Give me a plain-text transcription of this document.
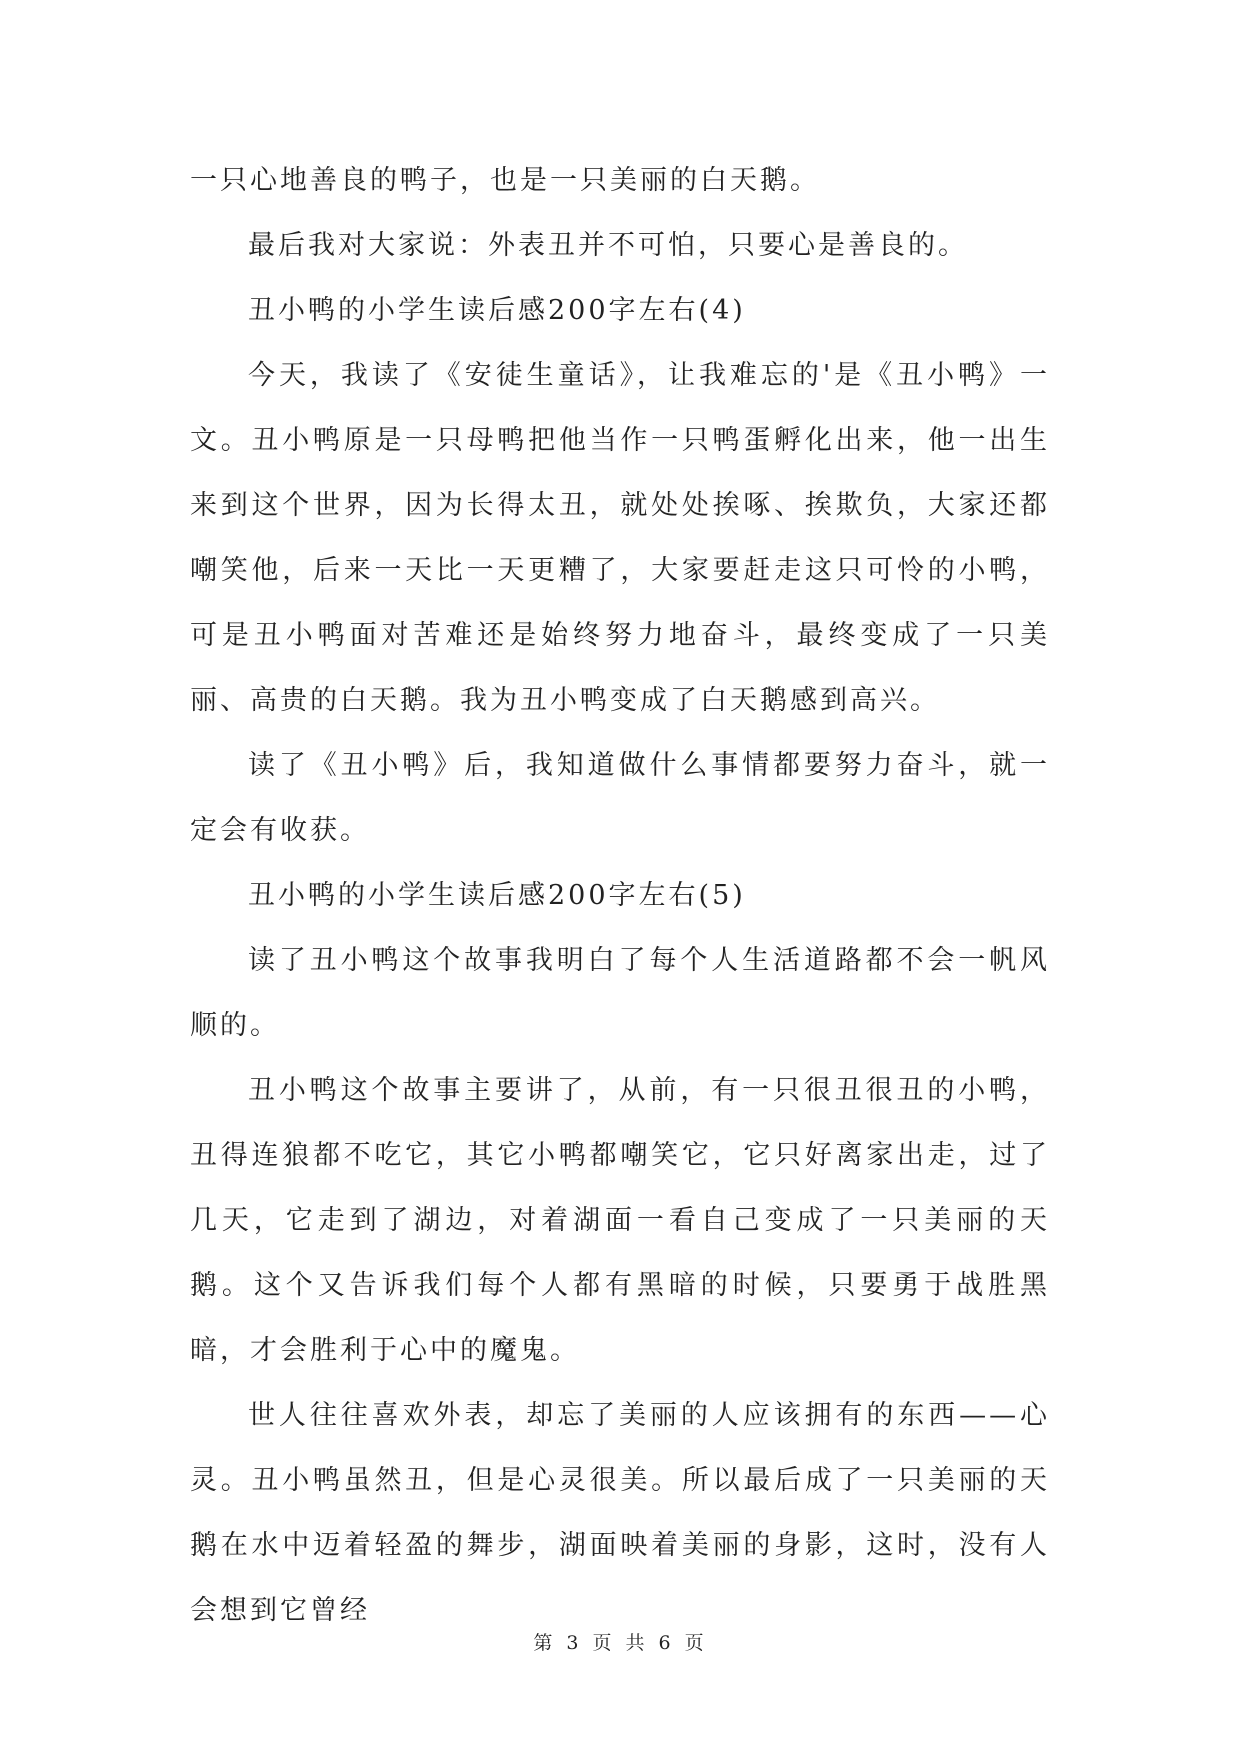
一只心地善良的鸭子，也是一只美丽的白天鹅。

最后我对大家说：外表丑并不可怕，只要心是善良的。

丑小鸭的小学生读后感200字左右(4)

今天，我读了《安徒生童话》，让我难忘的'是《丑小鸭》一文。丑小鸭原是一只母鸭把他当作一只鸭蛋孵化出来，他一出生来到这个世界，因为长得太丑，就处处挨啄、挨欺负，大家还都嘲笑他，后来一天比一天更糟了，大家要赶走这只可怜的小鸭，可是丑小鸭面对苦难还是始终努力地奋斗，最终变成了一只美丽、高贵的白天鹅。我为丑小鸭变成了白天鹅感到高兴。

读了《丑小鸭》后，我知道做什么事情都要努力奋斗，就一定会有收获。

丑小鸭的小学生读后感200字左右(5)

读了丑小鸭这个故事我明白了每个人生活道路都不会一帆风顺的。

丑小鸭这个故事主要讲了，从前，有一只很丑很丑的小鸭，丑得连狼都不吃它，其它小鸭都嘲笑它，它只好离家出走，过了几天，它走到了湖边，对着湖面一看自己变成了一只美丽的天鹅。这个又告诉我们每个人都有黑暗的时候，只要勇于战胜黑暗，才会胜利于心中的魔鬼。

世人往往喜欢外表，却忘了美丽的人应该拥有的东西——心灵。丑小鸭虽然丑，但是心灵很美。所以最后成了一只美丽的天鹅在水中迈着轻盈的舞步，湖面映着美丽的身影，这时，没有人会想到它曾经

第 3 页 共 6 页
